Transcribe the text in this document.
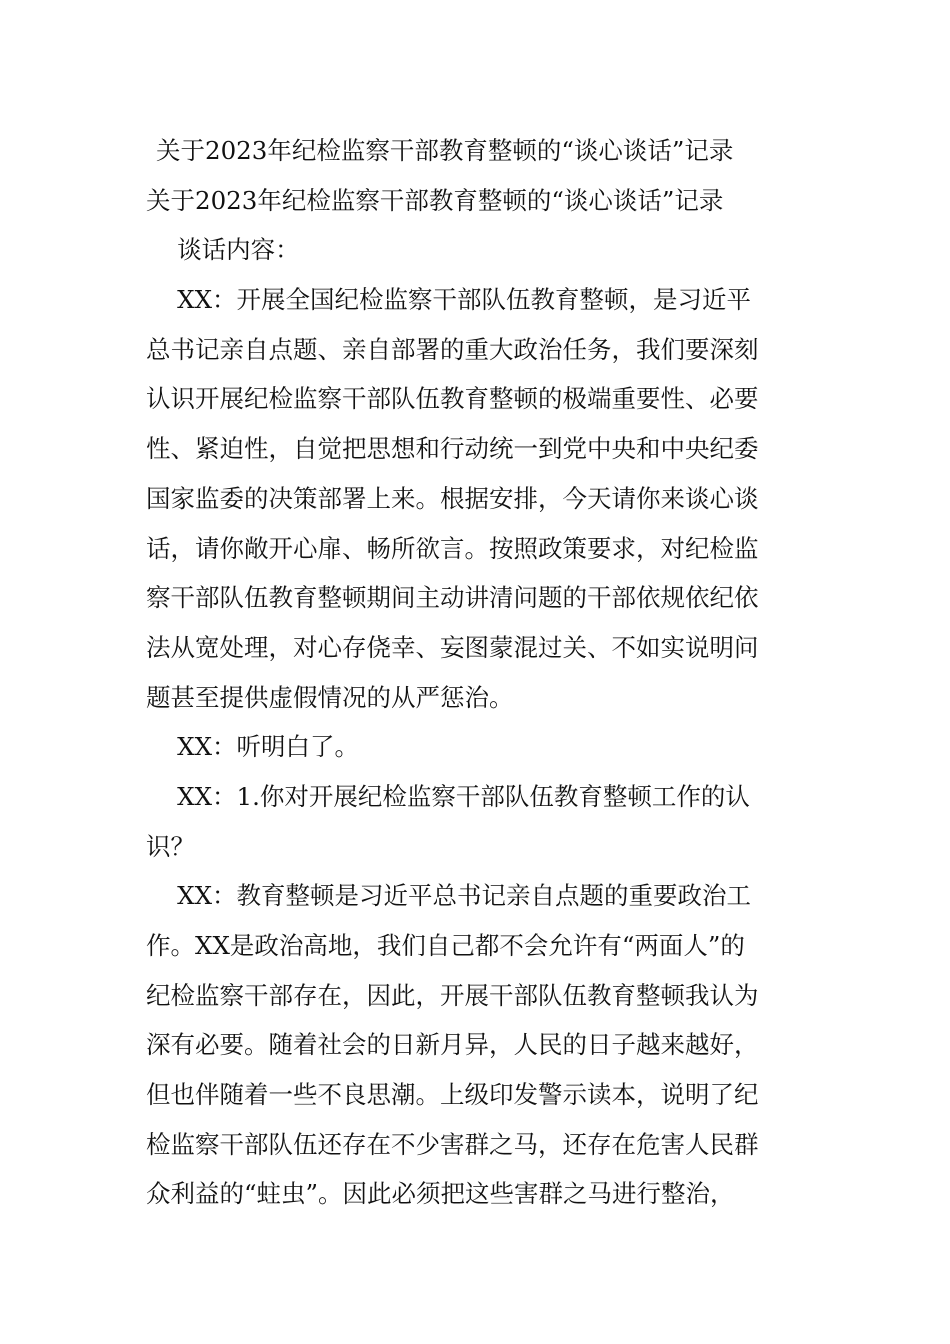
关于2023年纪检监察干部教育整顿的“谈心谈话”记录
关于2023年纪检监察干部教育整顿的“谈心谈话”记录
谈话内容：
XX：开展全国纪检监察干部队伍教育整顿，是习近平
总书记亲自点题、亲自部署的重大政治任务，我们要深刻
认识开展纪检监察干部队伍教育整顿的极端重要性、必要
性、紧迫性，自觉把思想和行动统一到党中央和中央纪委
国家监委的决策部署上来。根据安排，今天请你来谈心谈
话，请你敞开心扉、畅所欲言。按照政策要求，对纪检监
察干部队伍教育整顿期间主动讲清问题的干部依规依纪依
法从宽处理，对心存侥幸、妄图蒙混过关、不如实说明问
题甚至提供虚假情况的从严惩治。
XX：听明白了。
XX：1.你对开展纪检监察干部队伍教育整顿工作的认
识？
XX：教育整顿是习近平总书记亲自点题的重要政治工
作。XX是政治高地，我们自己都不会允许有“两面人”的
纪检监察干部存在，因此，开展干部队伍教育整顿我认为
深有必要。随着社会的日新月异，人民的日子越来越好，
但也伴随着一些不良思潮。上级印发警示读本，说明了纪
检监察干部队伍还存在不少害群之马，还存在危害人民群
众利益的“蛀虫”。因此必须把这些害群之马进行整治，
